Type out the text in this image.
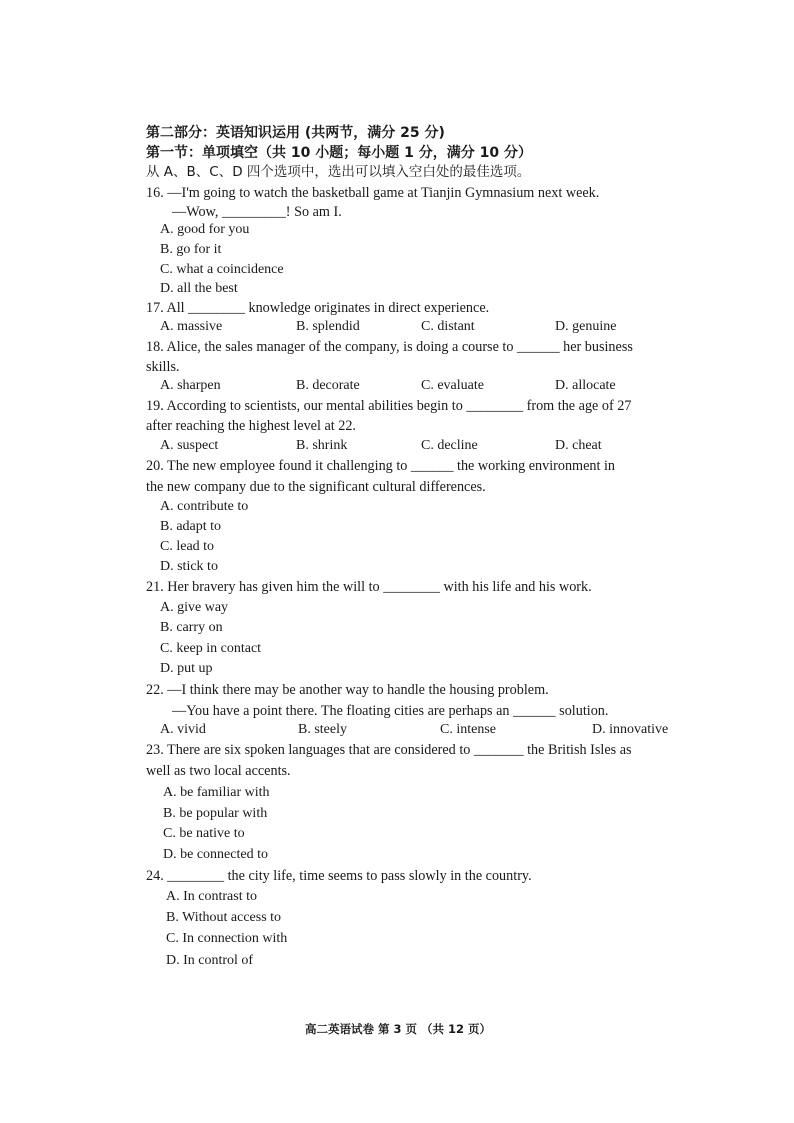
第二部分：英语知识运用 (共两节，满分 25 分)
第一节：单项填空（共 10 小题；每小题 1 分，满分 10 分）
从 A、B、C、D 四个选项中，选出可以填入空白处的最佳选项。
16. —I'm going to watch the basketball game at Tianjin Gymnasium next week.
—Wow, _________! So am I.
A. good for you
B. go for it
C. what a coincidence
D. all the best
17. All ________ knowledge originates in direct experience.
A. massive	B. splendid	C. distant	D. genuine
18. Alice, the sales manager of the company, is doing a course to ______ her business
skills.
A. sharpen	B. decorate	C. evaluate	D. allocate
19. According to scientists, our mental abilities begin to ________ from the age of 27
after reaching the highest level at 22.
A. suspect	B. shrink	C. decline	D. cheat
20. The new employee found it challenging to ______ the working environment in
the new company due to the significant cultural differences.
A. contribute to
B. adapt to
C. lead to
D. stick to
21. Her bravery has given him the will to ________ with his life and his work.
A. give way
B. carry on
C. keep in contact
D. put up
22. —I think there may be another way to handle the housing problem.
—You have a point there. The floating cities are perhaps an ______ solution.
A. vivid	B. steely	C. intense	D. innovative
23. There are six spoken languages that are considered to _______ the British Isles as
well as two local accents.
A. be familiar with
B. be popular with
C. be native to
D. be connected to
24. ________ the city life, time seems to pass slowly in the country.
A. In contrast to
B. Without access to
C. In connection with
D. In control of
高二英语试卷 第 3 页 （共 12 页）
